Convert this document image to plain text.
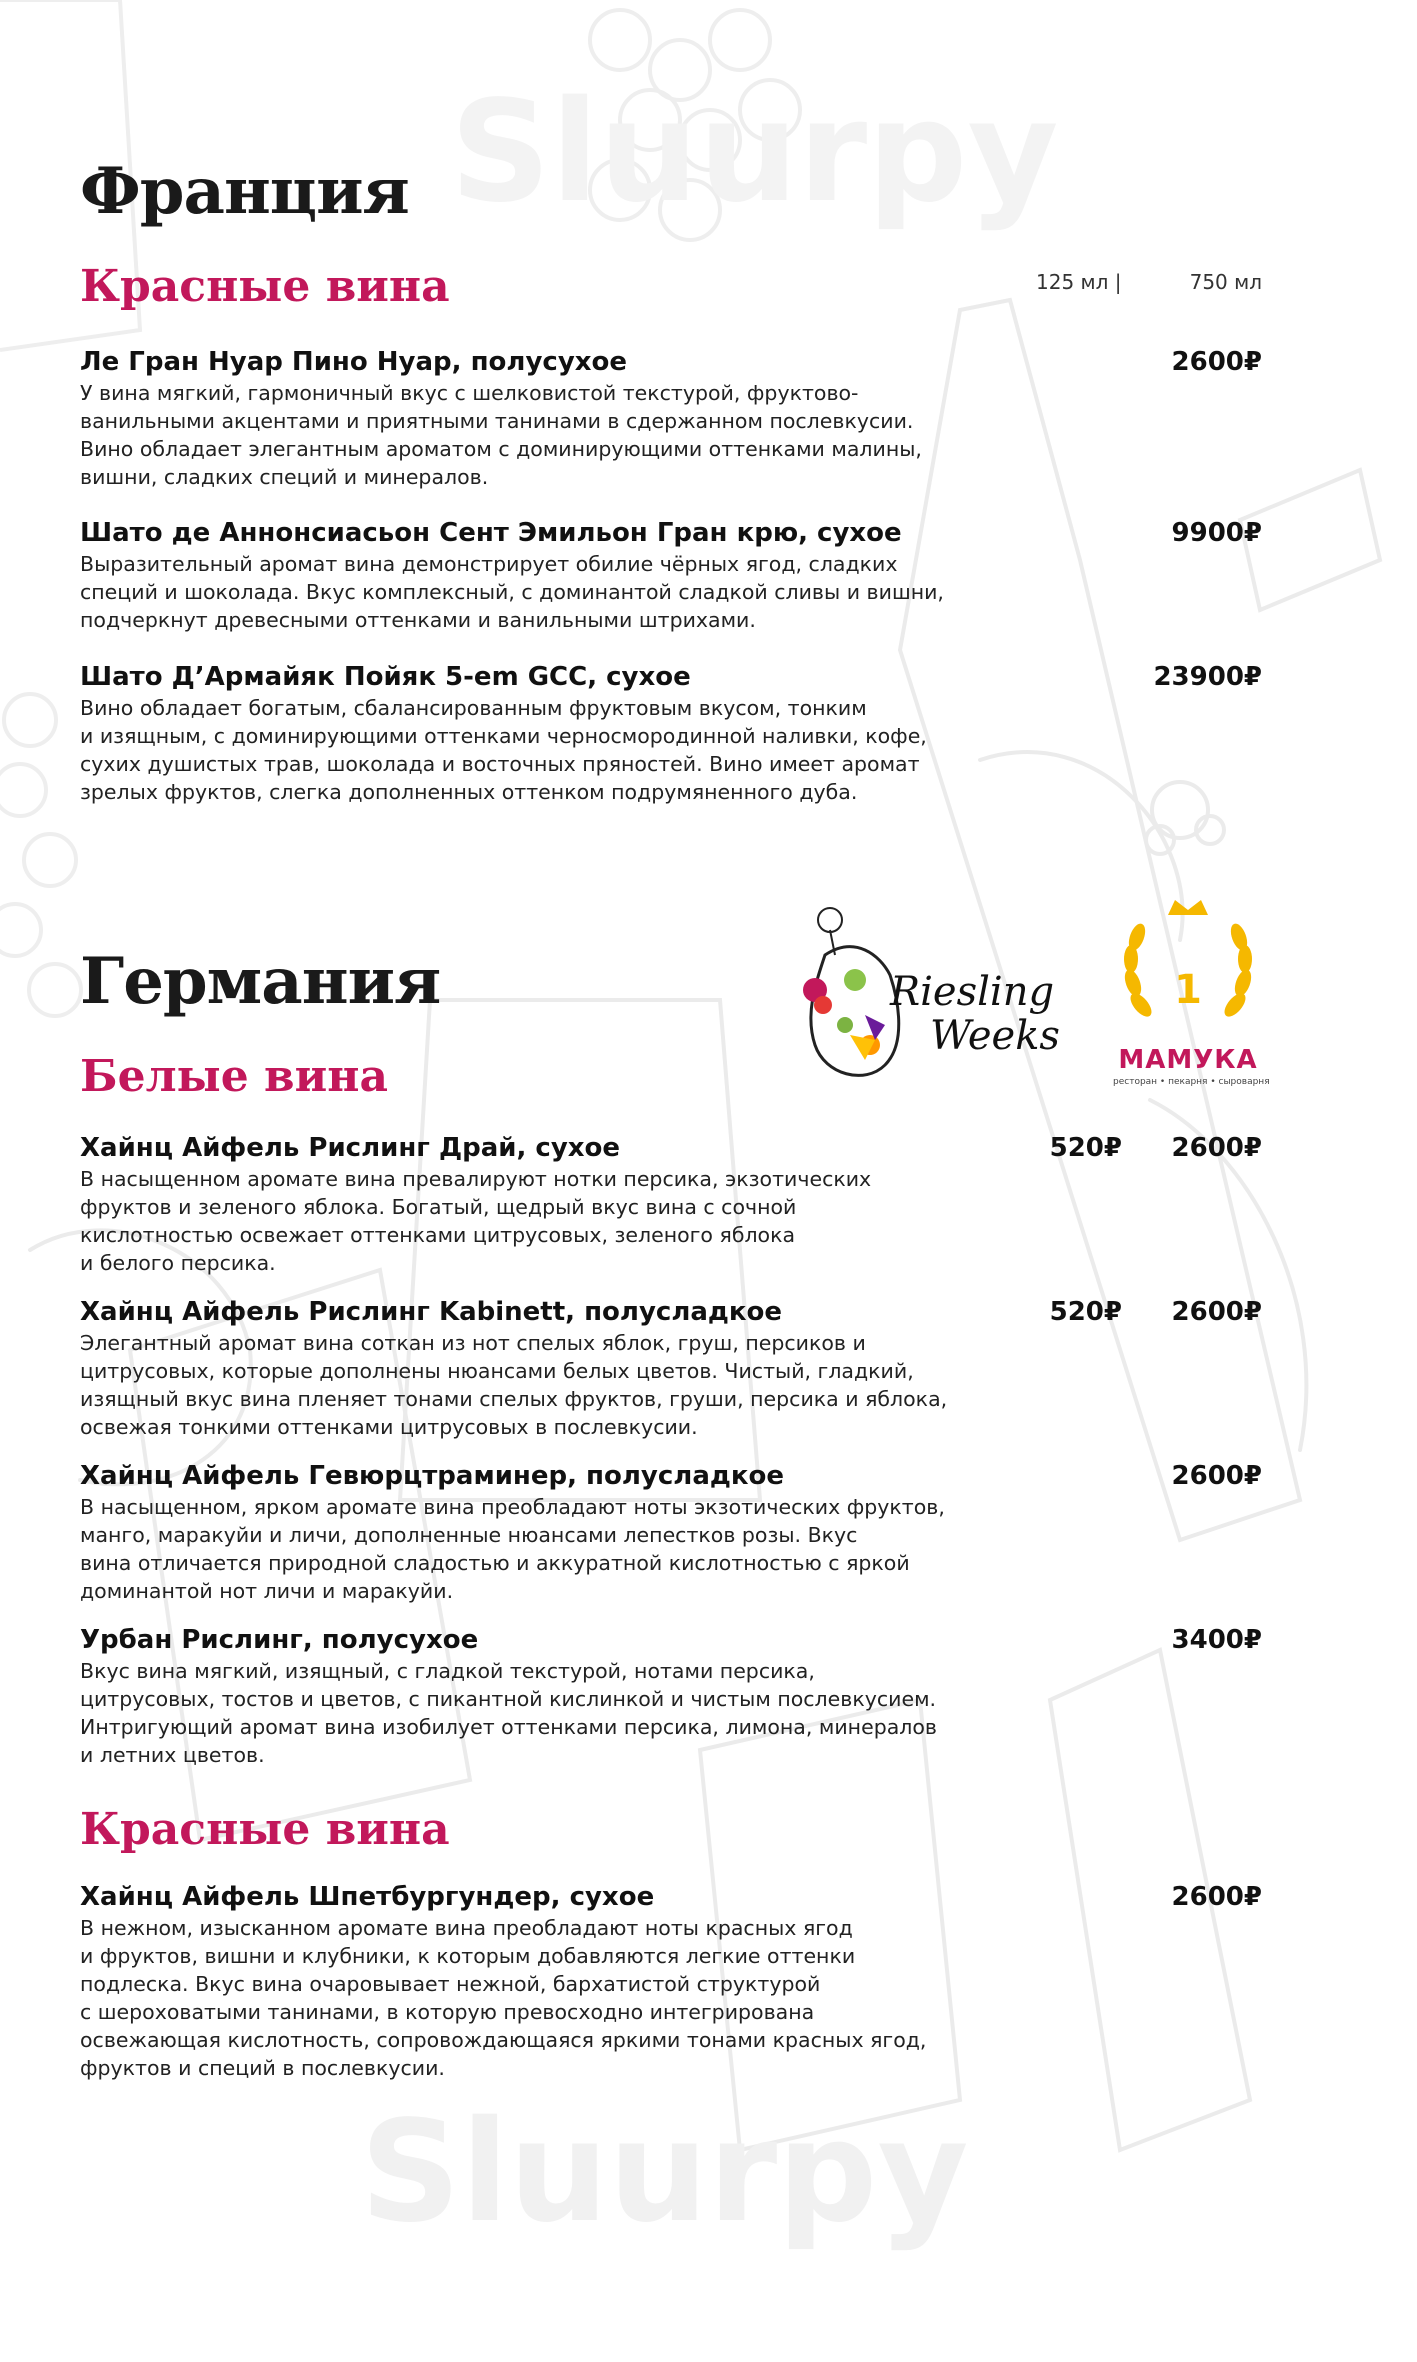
Sluurpy
Sluurpy
Франция
Красные вина	125 мл |	750 мл
Ле Гран Нуар Пино Нуар, полусухое	2600₽
У вина мягкий, гармоничный вкус с шелковистой текстурой, фруктово-
ванильными акцентами и приятными танинами в сдержанном послевкусии.
Вино обладает элегантным ароматом с доминирующими оттенками малины,
вишни, сладких специй и минералов.
Шато де Аннонсиасьон Сент Эмильон Гран крю, сухое	9900₽
Выразительный аромат вина демонстрирует обилие чёрных ягод, сладких
специй и шоколада. Вкус комплексный, с доминантой сладкой сливы и вишни,
подчеркнут древесными оттенками и ванильными штрихами.
Шато Д’Армайяк Пойяк 5-em GCC, сухое	23900₽
Вино обладает богатым, сбалансированным фруктовым вкусом, тонким
и изящным, с доминирующими оттенками черносмородинной наливки, кофе,
сухих душистых трав, шоколада и восточных пряностей. Вино имеет аромат
зрелых фруктов, слегка дополненных оттенком подрумяненного дуба.
Германия
Белые вина
Riesling
Weeks
1
МАМУКА
ресторан • пекарня • сыроварня
Хайнц Айфель Рислинг Драй, сухое	520₽ 2600₽
В насыщенном аромате вина превалируют нотки персика, экзотических
фруктов и зеленого яблока. Богатый, щедрый вкус вина с сочной
кислотностью освежает оттенками цитрусовых, зеленого яблока
и белого персика.
Хайнц Айфель Рислинг Kabinett, полусладкое	520₽ 2600₽
Элегантный аромат вина соткан из нот спелых яблок, груш, персиков и
цитрусовых, которые дополнены нюансами белых цветов. Чистый, гладкий,
изящный вкус вина пленяет тонами спелых фруктов, груши, персика и яблока,
освежая тонкими оттенками цитрусовых в послевкусии.
Хайнц Айфель Гевюрцтраминер, полусладкое	2600₽
В насыщенном, ярком аромате вина преобладают ноты экзотических фруктов,
манго, маракуйи и личи, дополненные нюансами лепестков розы. Вкус
вина отличается природной сладостью и аккуратной кислотностью с яркой
доминантой нот личи и маракуйи.
Урбан Рислинг, полусухое	3400₽
Вкус вина мягкий, изящный, с гладкой текстурой, нотами персика,
цитрусовых, тостов и цветов, с пикантной кислинкой и чистым послевкусием.
Интригующий аромат вина изобилует оттенками персика, лимона, минералов
и летних цветов.
Красные вина
Хайнц Айфель Шпетбургундер, сухое	2600₽
В нежном, изысканном аромате вина преобладают ноты красных ягод
и фруктов, вишни и клубники, к которым добавляются легкие оттенки
подлеска. Вкус вина очаровывает нежной, бархатистой структурой
с шероховатыми танинами, в которую превосходно интегрирована
освежающая кислотность, сопровождающаяся яркими тонами красных ягод,
фруктов и специй в послевкусии.
